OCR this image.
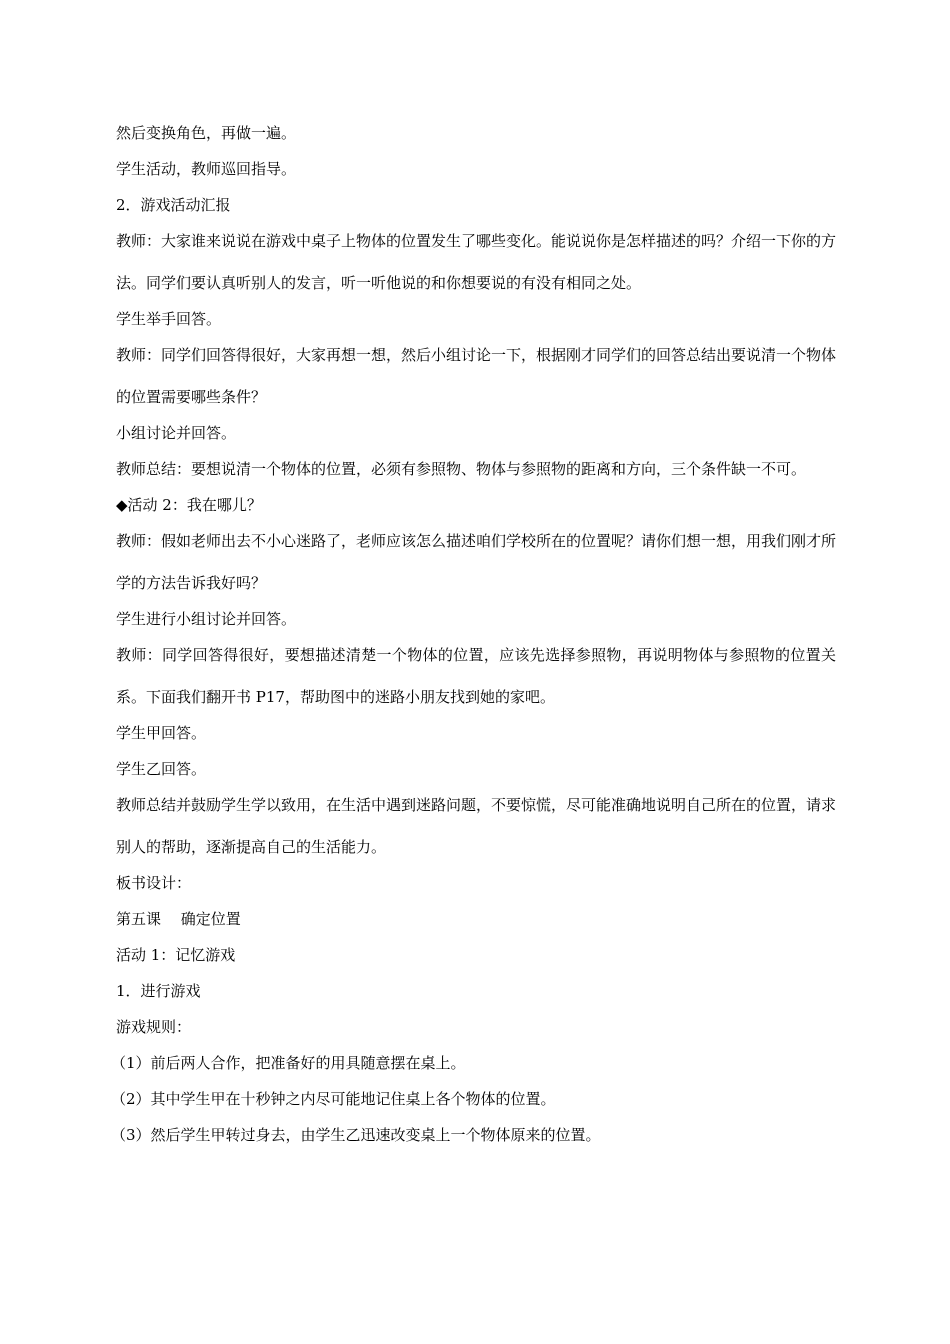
然后变换角色，再做一遍。

学生活动，教师巡回指导。

2．游戏活动汇报

教师：大家谁来说说在游戏中桌子上物体的位置发生了哪些变化。能说说你是怎样描述的吗？介绍一下你的方法。同学们要认真听别人的发言，听一听他说的和你想要说的有没有相同之处。

学生举手回答。

教师：同学们回答得很好，大家再想一想，然后小组讨论一下，根据刚才同学们的回答总结出要说清一个物体的位置需要哪些条件？

小组讨论并回答。

教师总结：要想说清一个物体的位置，必须有参照物、物体与参照物的距离和方向，三个条件缺一不可。

◆活动 2：我在哪儿？

教师：假如老师出去不小心迷路了，老师应该怎么描述咱们学校所在的位置呢？请你们想一想，用我们刚才所学的方法告诉我好吗？

学生进行小组讨论并回答。

教师：同学回答得很好，要想描述清楚一个物体的位置，应该先选择参照物，再说明物体与参照物的位置关系。下面我们翻开书 P17，帮助图中的迷路小朋友找到她的家吧。

学生甲回答。

学生乙回答。

教师总结并鼓励学生学以致用，在生活中遇到迷路问题，不要惊慌，尽可能准确地说明自己所在的位置，请求别人的帮助，逐渐提高自己的生活能力。

板书设计：

第五课　 确定位置

活动 1：记忆游戏

1．进行游戏

游戏规则：

（1）前后两人合作，把准备好的用具随意摆在桌上。

（2）其中学生甲在十秒钟之内尽可能地记住桌上各个物体的位置。

（3）然后学生甲转过身去，由学生乙迅速改变桌上一个物体原来的位置。
